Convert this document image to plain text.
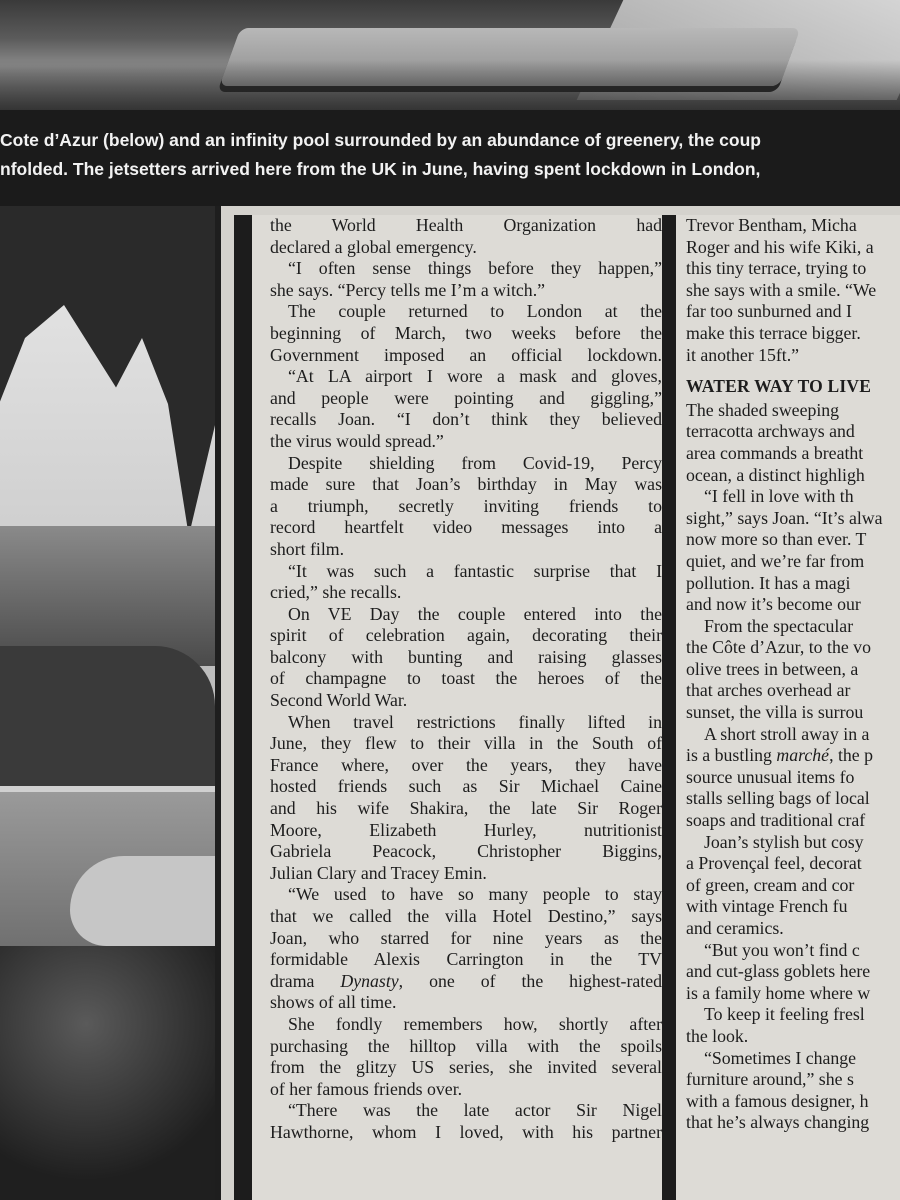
Cote d’Azur (below) and an infinity pool surrounded by an abundance of greenery, the coup
nfolded. The jetsetters arrived here from the UK in June, having spent lockdown in London,
the World Health Organization had
declared a global emergency.
“I often sense things before they happen,”
she says. “Percy tells me I’m a witch.”
The couple returned to London at the
beginning of March, two weeks before the
Government imposed an official lockdown.
“At LA airport I wore a mask and gloves,
and people were pointing and giggling,”
recalls Joan. “I don’t think they believed
the virus would spread.”
Despite shielding from Covid-19, Percy
made sure that Joan’s birthday in May was
a triumph, secretly inviting friends to
record heartfelt video messages into a
short film.
“It was such a fantastic surprise that I
cried,” she recalls.
On VE Day the couple entered into the
spirit of celebration again, decorating their
balcony with bunting and raising glasses
of champagne to toast the heroes of the
Second World War.
When travel restrictions finally lifted in
June, they flew to their villa in the South of
France where, over the years, they have
hosted friends such as Sir Michael Caine
and his wife Shakira, the late Sir Roger
Moore, Elizabeth Hurley, nutritionist
Gabriela Peacock, Christopher Biggins,
Julian Clary and Tracey Emin.
“We used to have so many people to stay
that we called the villa Hotel Destino,” says
Joan, who starred for nine years as the
formidable Alexis Carrington in the TV
drama Dynasty, one of the highest-rated
shows of all time.
She fondly remembers how, shortly after
purchasing the hilltop villa with the spoils
from the glitzy US series, she invited several
of her famous friends over.
“There was the late actor Sir Nigel
Hawthorne, whom I loved, with his partner
Trevor Bentham, Micha
Roger and his wife Kiki, a
this tiny terrace, trying to
she says with a smile. “We
far too sunburned and I
make this terrace bigger.
it another 15ft.”
WATER WAY TO LIVE
The shaded sweeping
terracotta archways and
area commands a breatht
ocean, a distinct highligh
“I fell in love with th
sight,” says Joan. “It’s alwa
now more so than ever. T
quiet, and we’re far from
pollution. It has a magi
and now it’s become our
From the spectacular
the Côte d’Azur, to the vo
olive trees in between, a
that arches overhead ar
sunset, the villa is surrou
A short stroll away in a
is a bustling marché, the p
source unusual items fo
stalls selling bags of local
soaps and traditional craf
Joan’s stylish but cosy
a Provençal feel, decorat
of green, cream and cor
with vintage French fu
and ceramics.
“But you won’t find c
and cut-glass goblets here
is a family home where w
To keep it feeling fresl
the look.
“Sometimes I change
furniture around,” she s
with a famous designer, h
that he’s always changing
